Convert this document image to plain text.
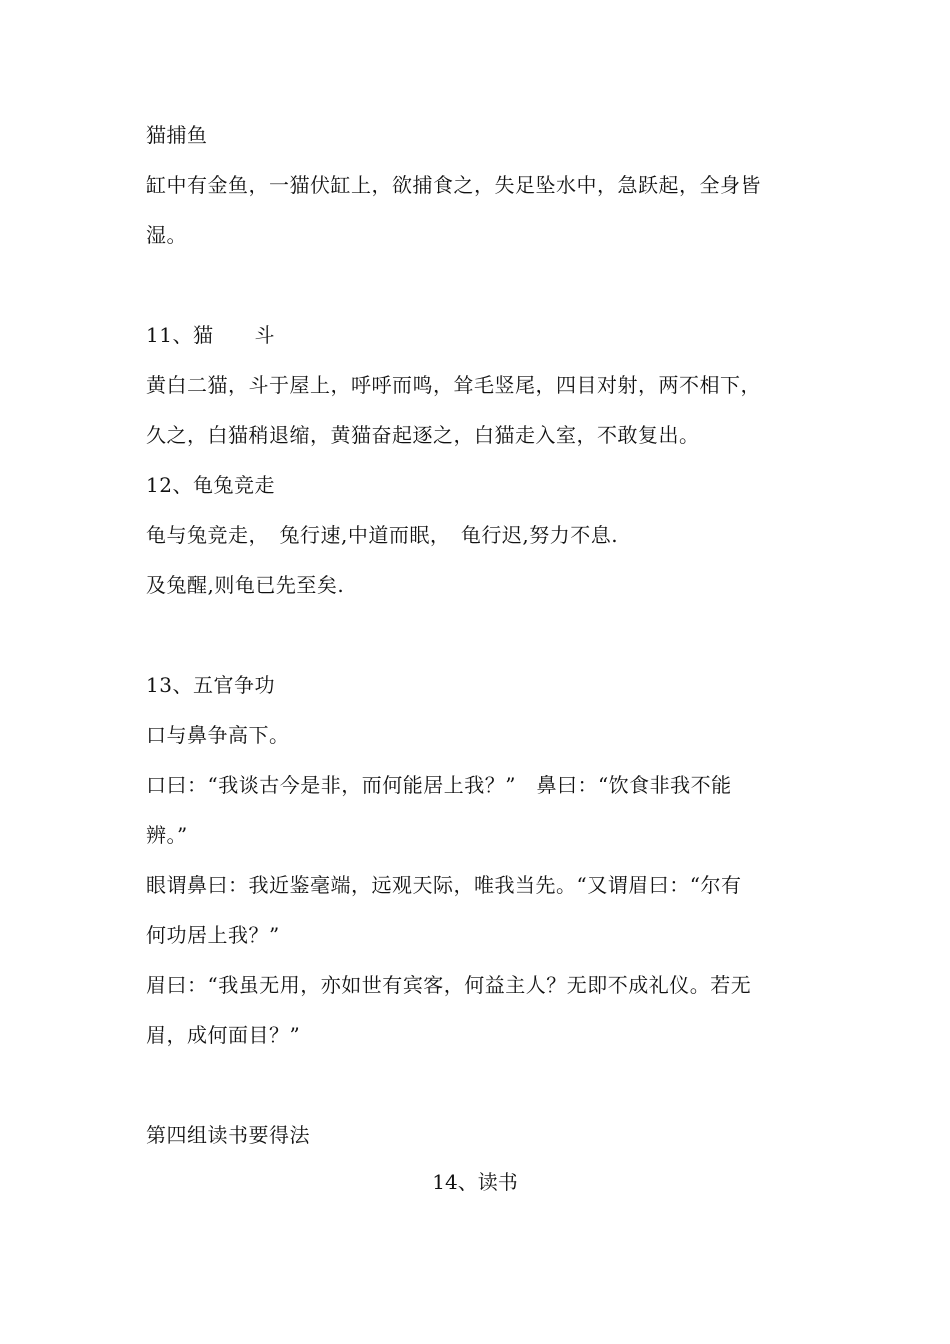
猫捕鱼
缸中有金鱼，一猫伏缸上，欲捕食之，失足坠水中，急跃起，全身皆
湿。
11、猫　　斗
黄白二猫，斗于屋上，呼呼而鸣，耸毛竖尾，四目对射，两不相下，
久之，白猫稍退缩，黄猫奋起逐之，白猫走入室，不敢复出。
12、龟兔竞走
龟与兔竞走，　兔行速,中道而眠，　龟行迟,努力不息.
及兔醒,则龟已先至矣.
13、五官争功
口与鼻争高下。
口曰：“我谈古今是非，而何能居上我？”　鼻曰：“饮食非我不能
辨。”
眼谓鼻曰：我近鉴毫端，远观天际，唯我当先。“又谓眉曰：“尔有
何功居上我？”
眉曰：“我虽无用，亦如世有宾客，何益主人？无即不成礼仪。若无
眉，成何面目？”
第四组读书要得法
14、读书
